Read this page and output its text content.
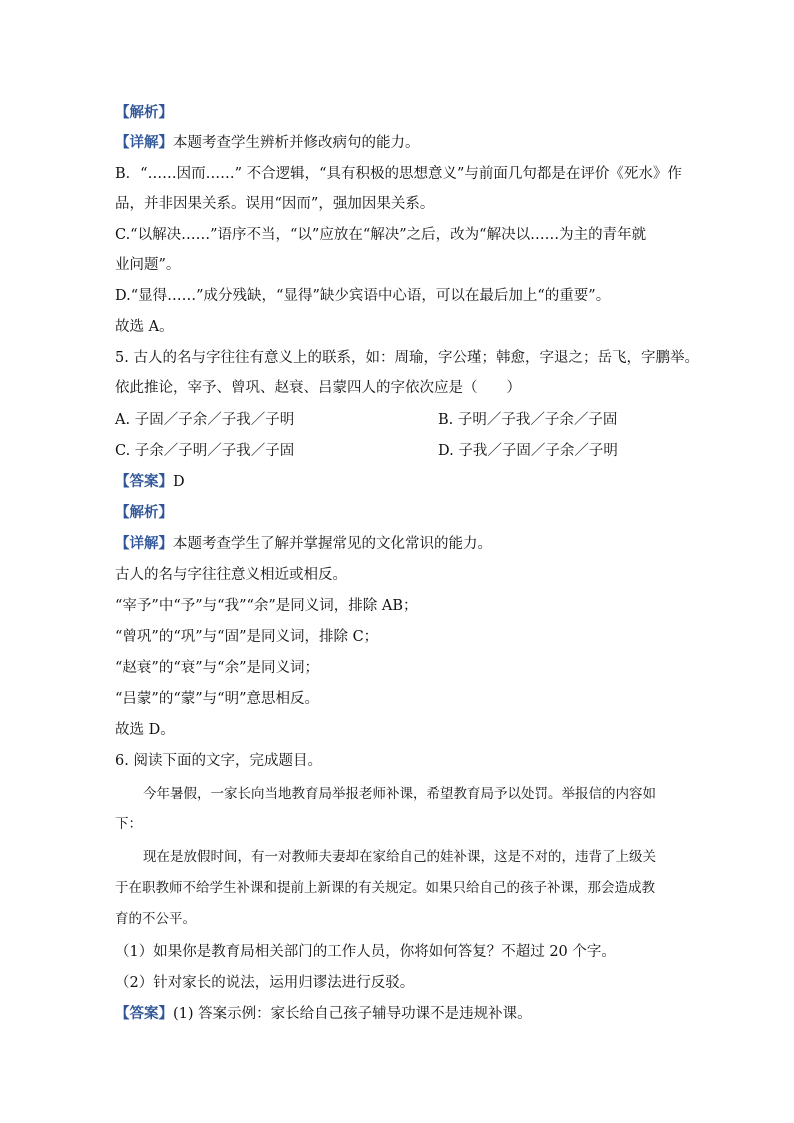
【解析】
【详解】本题考查学生辨析并修改病句的能力。
B．“……因而……” 不合逻辑，“具有积极的思想意义”与前面几句都是在评价《死水》作
品，并非因果关系。误用“因而”，强加因果关系。
C.“以解决……”语序不当，“以”应放在“解决”之后，改为“解决以……为主的青年就
业问题”。
D.“显得……”成分残缺，“显得”缺少宾语中心语，可以在最后加上“的重要”。
故选 A。
5. 古人的名与字往往有意义上的联系，如：周瑜，字公瑾；韩愈，字退之；岳飞，字鹏举。
依此推论，宰予、曾巩、赵衰、吕蒙四人的字依次应是（　　）
A. 子固／子余／子我／子明	B. 子明／子我／子余／子固
C. 子余／子明／子我／子固	D. 子我／子固／子余／子明
【答案】D
【解析】
【详解】本题考查学生了解并掌握常见的文化常识的能力。
古人的名与字往往意义相近或相反。
“宰予”中“予”与“我”“余”是同义词，排除 AB；
“曾巩”的“巩”与“固”是同义词，排除 C；
“赵衰”的“衰”与“余”是同义词；
“吕蒙”的“蒙”与“明”意思相反。
故选 D。
6. 阅读下面的文字，完成题目。
今年暑假，一家长向当地教育局举报老师补课，希望教育局予以处罚。举报信的内容如
下：
现在是放假时间，有一对教师夫妻却在家给自己的娃补课，这是不对的，违背了上级关
于在职教师不给学生补课和提前上新课的有关规定。如果只给自己的孩子补课，那会造成教
育的不公平。
（1）如果你是教育局相关部门的工作人员，你将如何答复？不超过 20 个字。
（2）针对家长的说法，运用归谬法进行反驳。
【答案】(1) 答案示例：家长给自己孩子辅导功课不是违规补课。
